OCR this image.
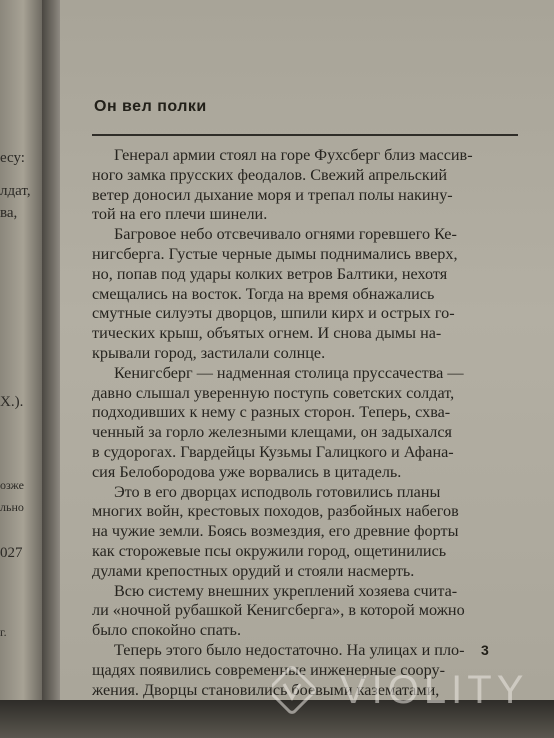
есу:
лдат,
ва,
Х.).
озже
льно
027
г.
Он вел полки
Генерал армии стоял на горе Фухсберг близ массив-
ного замка прусских феодалов. Свежий апрельский
ветер доносил дыхание моря и трепал полы накину-
той на его плечи шинели.
Багровое небо отсвечивало огнями горевшего Ке-
нигсберга. Густые черные дымы поднимались вверх,
но, попав под удары колких ветров Балтики, нехотя
смещались на восток. Тогда на время обнажались
смутные силуэты дворцов, шпили кирх и острых го-
тических крыш, объятых огнем. И снова дымы на-
крывали город, застилали солнце.
Кенигсберг — надменная столица пруссачества —
давно слышал уверенную поступь советских солдат,
подходивших к нему с разных сторон. Теперь, схва-
ченный за горло железными клещами, он задыхался
в судорогах. Гвардейцы Кузьмы Галицкого и Афана-
сия Белобородова уже ворвались в цитадель.
Это в его дворцах исподволь готовились планы
многих войн, крестовых походов, разбойных набегов
на чужие земли. Боясь возмездия, его древние форты
как сторожевые псы окружили город, ощетинились
дулами крепостных орудий и стояли насмерть.
Всю систему внешних укреплений хозяева счита-
ли «ночной рубашкой Кенигсберга», в которой можно
было спокойно спать.
Теперь этого было недостаточно. На улицах и пло-
щадях появились современные инженерные соору-
жения. Дворцы становились боевыми казематами,
3
VIOLITY
